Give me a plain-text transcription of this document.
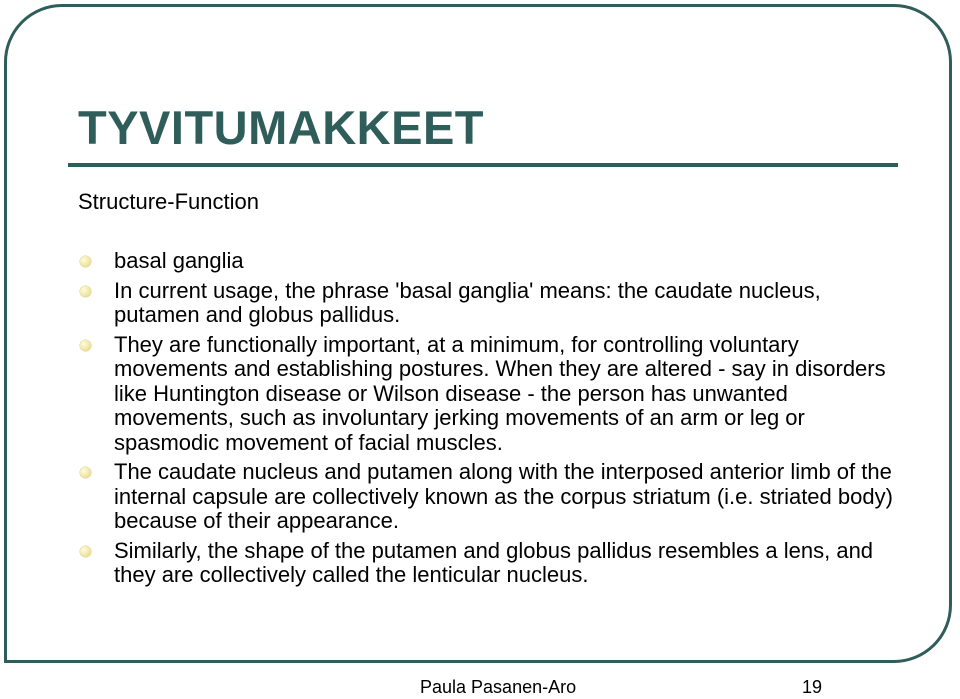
TYVITUMAKKEET

Structure-Function

basal ganglia
In current usage, the phrase 'basal ganglia' means: the caudate nucleus, putamen and globus pallidus.
They are functionally important, at a minimum, for controlling voluntary movements and establishing postures. When they are altered - say in disorders like Huntington disease or Wilson disease - the person has unwanted movements, such as involuntary jerking movements of an arm or leg or spasmodic movement of facial muscles.
The caudate nucleus and putamen along with the interposed anterior limb of the internal capsule are collectively known as the corpus striatum (i.e. striated body) because of their appearance.
Similarly, the shape of the putamen and globus pallidus resembles a lens, and they are collectively called the lenticular nucleus.
Paula Pasanen-Aro	19
